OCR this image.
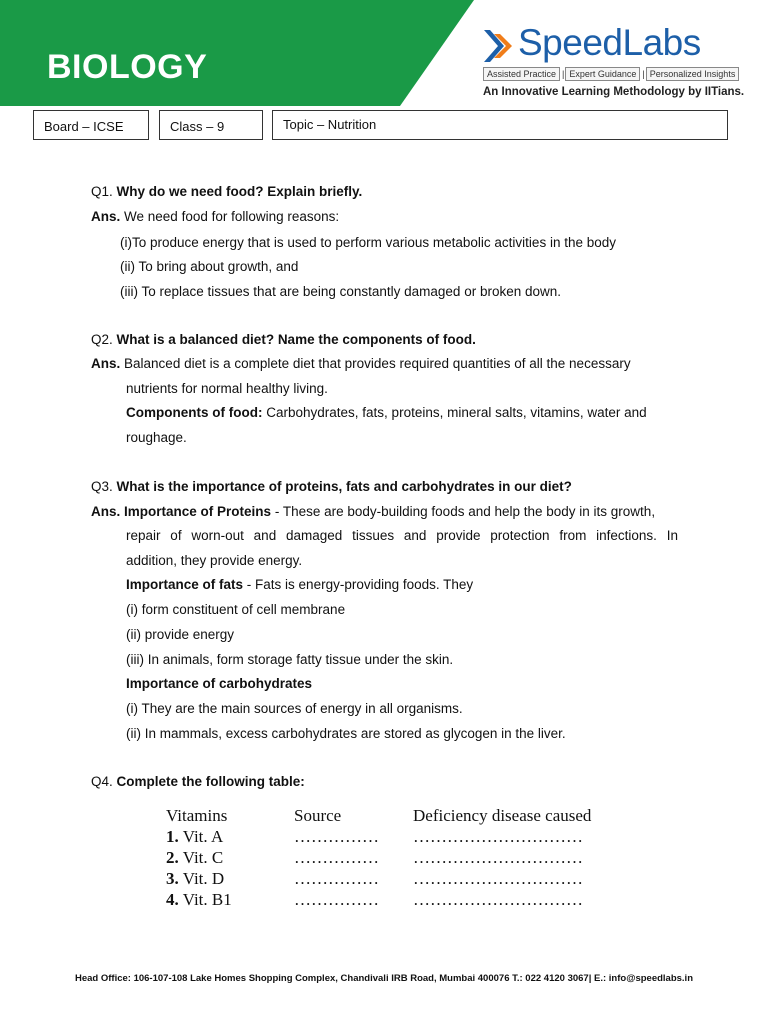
BIOLOGY
SpeedLabs
Assisted Practice | Expert Guidance | Personalized Insights
An Innovative Learning Methodology by IITians.
Board – ICSE	Class – 9	Topic – Nutrition
Q1. Why do we need food? Explain briefly.
Ans. We need food for following reasons:
(i)To produce energy that is used to perform various metabolic activities in the body
(ii) To bring about growth, and
(iii) To replace tissues that are being constantly damaged or broken down.
Q2. What is a balanced diet? Name the components of food.
Ans. Balanced diet is a complete diet that provides required quantities of all the necessary
nutrients for normal healthy living.
Components of food: Carbohydrates, fats, proteins, mineral salts, vitamins, water and
roughage.
Q3. What is the importance of proteins, fats and carbohydrates in our diet?
Ans. Importance of Proteins - These are body-building foods and help the body in its growth,
repair of worn-out and damaged tissues and provide protection from infections. In
addition, they provide energy.
Importance of fats - Fats is energy-providing foods. They
(i) form constituent of cell membrane
(ii) provide energy
(iii) In animals, form storage fatty tissue under the skin.
Importance of carbohydrates
(i) They are the main sources of energy in all organisms.
(ii) In mammals, excess carbohydrates are stored as glycogen in the liver.
Q4. Complete the following table:
Vitamins	Source	Deficiency disease caused
1. Vit. A	…………… …………………………
2. Vit. C	…………… …………………………
3. Vit. D	…………… …………………………
4. Vit. B1	…………… …………………………
Head Office: 106-107-108 Lake Homes Shopping Complex, Chandivali IRB Road, Mumbai 400076 T.: 022 4120 3067| E.: info@speedlabs.in
